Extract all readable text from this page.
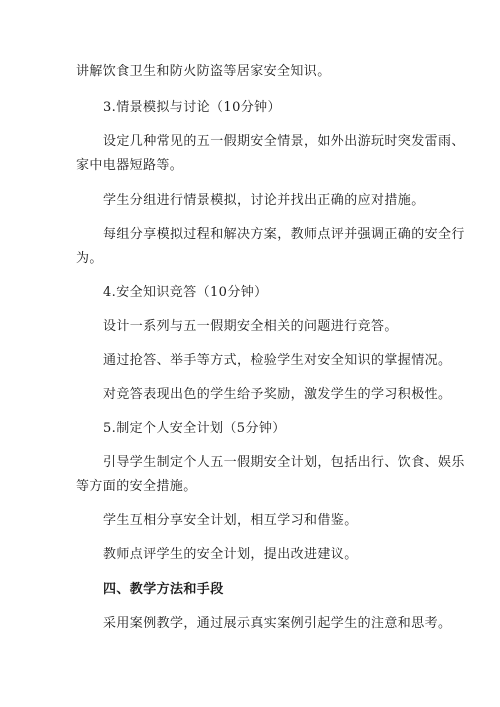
讲解饮食卫生和防火防盗等居家安全知识。
3.情景模拟与讨论（10分钟）
设定几种常见的五一假期安全情景，如外出游玩时突发雷雨、
家中电器短路等。
学生分组进行情景模拟，讨论并找出正确的应对措施。
每组分享模拟过程和解决方案，教师点评并强调正确的安全行
为。
4.安全知识竞答（10分钟）
设计一系列与五一假期安全相关的问题进行竞答。
通过抢答、举手等方式，检验学生对安全知识的掌握情况。
对竞答表现出色的学生给予奖励，激发学生的学习积极性。
5.制定个人安全计划（5分钟）
引导学生制定个人五一假期安全计划，包括出行、饮食、娱乐
等方面的安全措施。
学生互相分享安全计划，相互学习和借鉴。
教师点评学生的安全计划，提出改进建议。
四、教学方法和手段
采用案例教学，通过展示真实案例引起学生的注意和思考。
